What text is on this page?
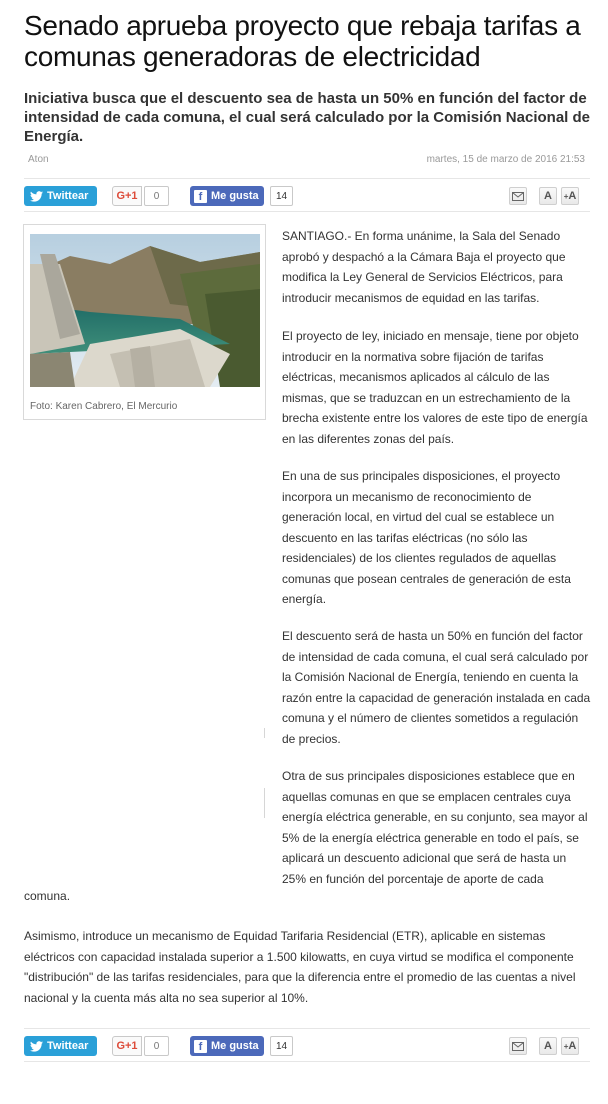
Senado aprueba proyecto que rebaja tarifas a comunas generadoras de electricidad
Iniciativa busca que el descuento sea de hasta un 50% en función del factor de intensidad de cada comuna, el cual será calculado por la Comisión Nacional de Energía.
Aton	martes, 15 de marzo de 2016 21:53
Twittear	G+1	0	f Me gusta	14	A + A
Foto: Karen Cabrero, El Mercurio
SANTIAGO.- En forma unánime, la Sala del Senado aprobó y despachó a la Cámara Baja el proyecto que modifica la Ley General de Servicios Eléctricos, para introducir mecanismos de equidad en las tarifas.
El proyecto de ley, iniciado en mensaje, tiene por objeto introducir en la normativa sobre fijación de tarifas eléctricas, mecanismos aplicados al cálculo de las mismas, que se traduzcan en un estrechamiento de la brecha existente entre los valores de este tipo de energía en las diferentes zonas del país.
En una de sus principales disposiciones, el proyecto incorpora un mecanismo de reconocimiento de generación local, en virtud del cual se establece un descuento en las tarifas eléctricas (no sólo las residenciales) de los clientes regulados de aquellas comunas que posean centrales de generación de esta energía.
El descuento será de hasta un 50% en función del factor de intensidad de cada comuna, el cual será calculado por la Comisión Nacional de Energía, teniendo en cuenta la razón entre la capacidad de generación instalada en cada comuna y el número de clientes sometidos a regulación de precios.
Otra de sus principales disposiciones establece que en aquellas comunas en que se emplacen centrales cuya energía eléctrica generable, en su conjunto, sea mayor al 5% de la energía eléctrica generable en todo el país, se aplicará un descuento adicional que será de hasta un 25% en función del porcentaje de aporte de cada
comuna.
Asimismo, introduce un mecanismo de Equidad Tarifaria Residencial (ETR), aplicable en sistemas eléctricos con capacidad instalada superior a 1.500 kilowatts, en cuya virtud se modifica el componente "distribución" de las tarifas residenciales, para que la diferencia entre el promedio de las cuentas a nivel nacional y la cuenta más alta no sea superior al 10%.
Twittear	G+1	0	f Me gusta	14	A + A
